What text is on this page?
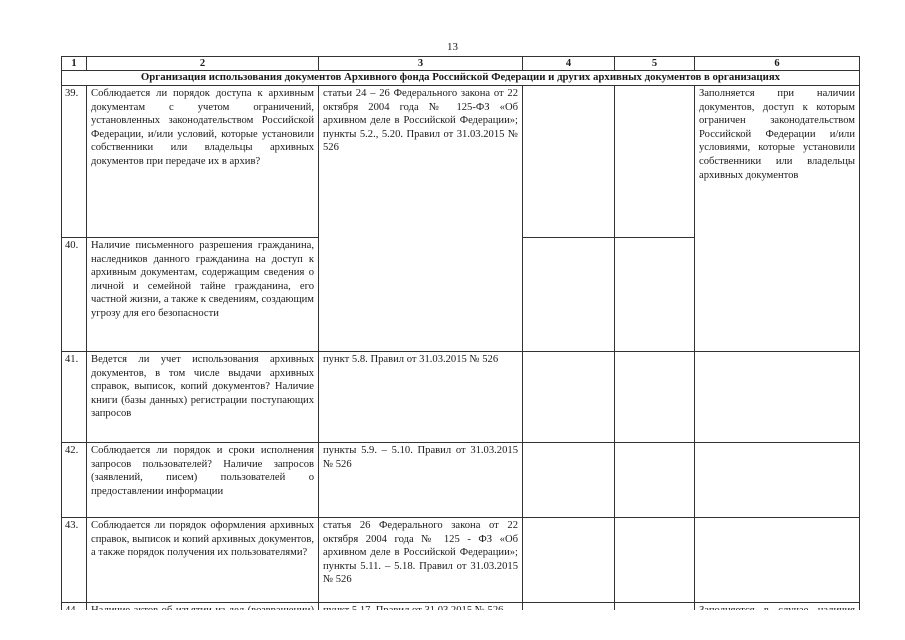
13
1	2	3	4	5	6
Организация использования документов Архивного фонда Российской Федерации и других архивных документов в организациях					
39.	Соблюдается ли порядок доступа к архивным документам с учетом ограничений, установленных законодательством Российской Федерации, и/или условий, которые установили собственники или владельцы архивных документов при передаче их в архив?	статьи 24 – 26 Федерального закона от 22 октября 2004 года № 125-ФЗ «Об архивном деле в Российской Федерации»; пункты 5.2., 5.20. Правил от 31.03.2015 № 526			Заполняется при наличии документов, доступ к которым ограничен законодательством Российской Федерации и/или условиями, которые установили собственники или владельцы архивных документов
40.	Наличие письменного разрешения гражданина, наследников данного гражданина на доступ к архивным документам, содержащим сведения о личной и семейной тайне гражданина, его частной жизни, а также к сведениям, создающим угрозу для его безопасности				
41.	Ведется ли учет использования архивных документов, в том числе выдачи архивных справок, выписок, копий документов? Наличие книги (базы данных) регистрации поступающих запросов	пункт 5.8. Правил от 31.03.2015 № 526			
42.	Соблюдается ли порядок и сроки исполнения запросов пользователей? Наличие запросов (заявлений, писем) пользователей о предоставлении информации	пункты 5.9. – 5.10. Правил от 31.03.2015 № 526			
43.	Соблюдается ли порядок оформления архивных справок, выписок и копий архивных документов, а также порядок получения их пользователями?	статья 26 Федерального закона от 22 октября 2004 года № 125 - ФЗ «Об архивном деле в Российской Федерации»; пункты 5.11. – 5.18. Правил от 31.03.2015 № 526			
